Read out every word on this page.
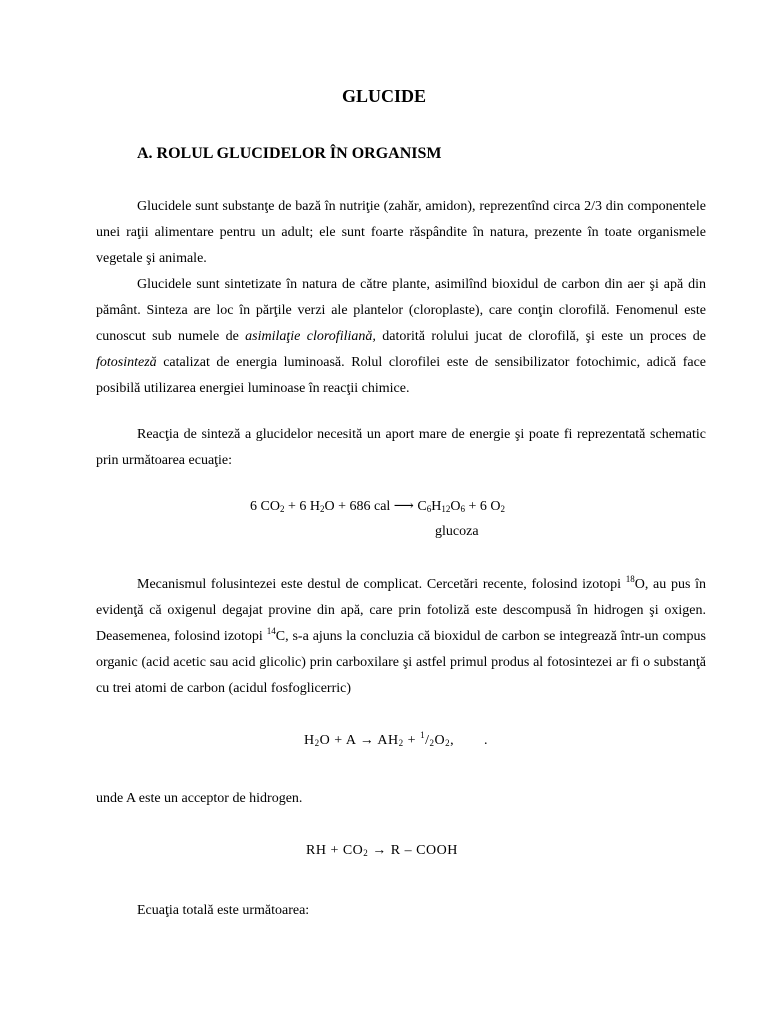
GLUCIDE
A. ROLUL GLUCIDELOR ÎN ORGANISM

Glucidele sunt substanţe de bază în nutriţie (zahăr, amidon), reprezentînd circa 2/3 din componentele unei raţii alimentare pentru un adult; ele sunt foarte răspândite în natura, prezente în toate organismele vegetale şi animale.

Glucidele sunt sintetizate în natura de către plante, asimilînd bioxidul de carbon din aer şi apă din pământ. Sinteza are loc în părţile verzi ale plantelor (cloroplaste), care conţin clorofilă. Fenomenul este cunoscut sub numele de asimilaţie clorofiliană, datorită rolului jucat de clorofilă, şi este un proces de fotosinteză catalizat de energia luminoasă. Rolul clorofilei este de sensibilizator fotochimic, adică face posibilă utilizarea energiei luminoase în reacţii chimice.

Reacţia de sinteză a glucidelor necesită un aport mare de energie şi poate fi reprezentată schematic prin următoarea ecuaţie:

6 $CO_2 + 6$ $H_2O + 686$ cal ⟶ $C_6H_{12}O_6 + 6$ $O_2$
glucoza

Mecanismul folusintezei este destul de complicat. Cercetări recente, folosind izotopi $^{18}$O, au pus în evidenţă că oxigenul degajat provine din apă, care prin fotoliză este descompusă în hidrogen şi oxigen. Deasemenea, folosind izotopi $^{14}$C, s-a ajuns la concluzia că bioxidul de carbon se integrează într-un compus organic (acid acetic sau acid glicolic) prin carboxilare şi astfel primul produs al fotosintezei ar fi o substanţă cu trei atomi de carbon (acidul fosfoglicerric)

$H_2O + A \to AH_2 + ^1/_2O_2$, .

unde A este un acceptor de hidrogen.

RH + $CO_2 \to R$ – COOH

Ecuaţia totală este următoarea:
